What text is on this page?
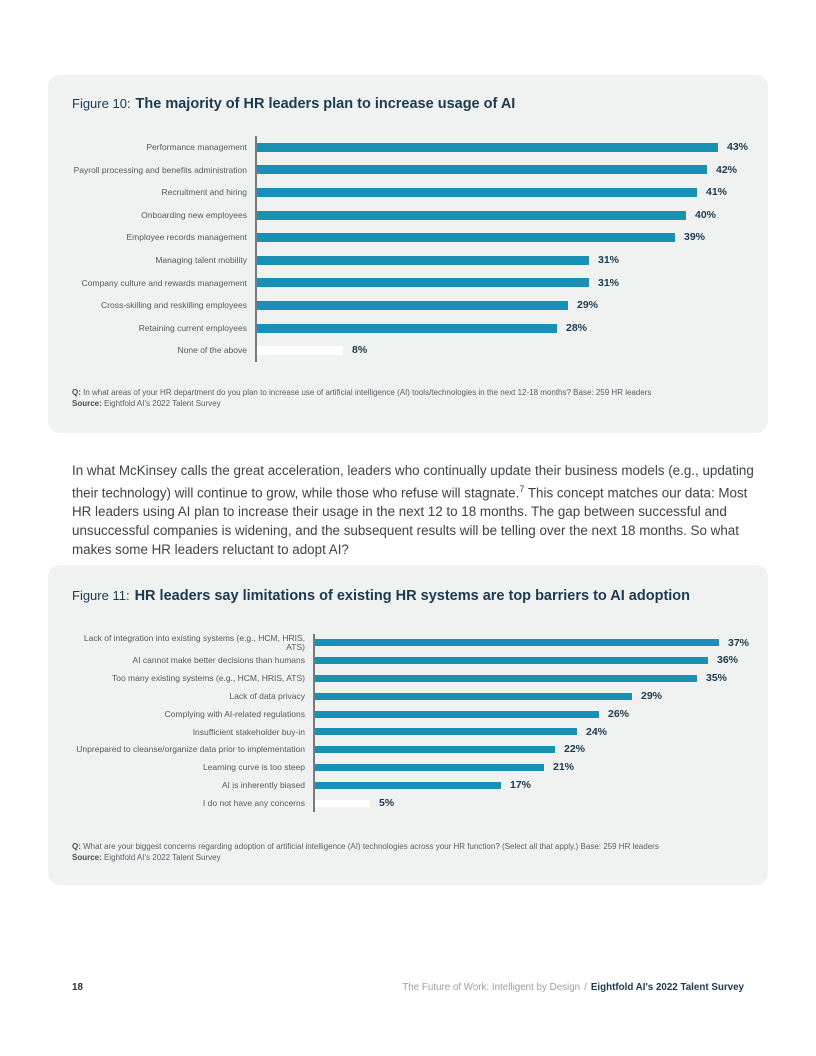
Figure 10: The majority of HR leaders plan to increase usage of AI
Performance management	43%
Payroll processing and benefits administration	42%
Recruitment and hiring	41%
Onboarding new employees	40%
Employee records management	39%
Managing talent mobility	31%
Company culture and rewards management	31%
Cross-skilling and reskilling employees	29%
Retaining current employees	28%
None of the above	8%
Q: In what areas of your HR department do you plan to increase use of artificial intelligence (AI) tools/technologies in the next 12-18 months? Base: 259 HR leaders
Source: Eightfold AI's 2022 Talent Survey

In what McKinsey calls the great acceleration, leaders who continually update their business models (e.g., updating their technology) will continue to grow, while those who refuse will stagnate.$^7$ This concept matches our data: Most HR leaders using AI plan to increase their usage in the next 12 to 18 months. The gap between successful and unsuccessful companies is widening, and the subsequent results will be telling over the next 18 months. So what makes some HR leaders reluctant to adopt AI?

Figure 11: HR leaders say limitations of existing HR systems are top barriers to AI adoption
Lack of integration into existing systems (e.g., HCM, HRIS, ATS)	37%
AI cannot make better decisions than humans	36%
Too many existing systems (e.g., HCM, HRIS, ATS)	35%
Lack of data privacy	29%
Complying with AI-related regulations	26%
Insufficient stakeholder buy-in	24%
Unprepared to cleanse/organize data prior to implementation	22%
Learning curve is too steep	21%
AI is inherently biased	17%
I do not have any concerns	5%
Q: What are your biggest concerns regarding adoption of artificial intelligence (AI) technologies across your HR function? (Select all that apply.) Base: 259 HR leaders
Source: Eightfold AI's 2022 Talent Survey
18	The Future of Work: Intelligent by Design / Eightfold AI's 2022 Talent Survey
